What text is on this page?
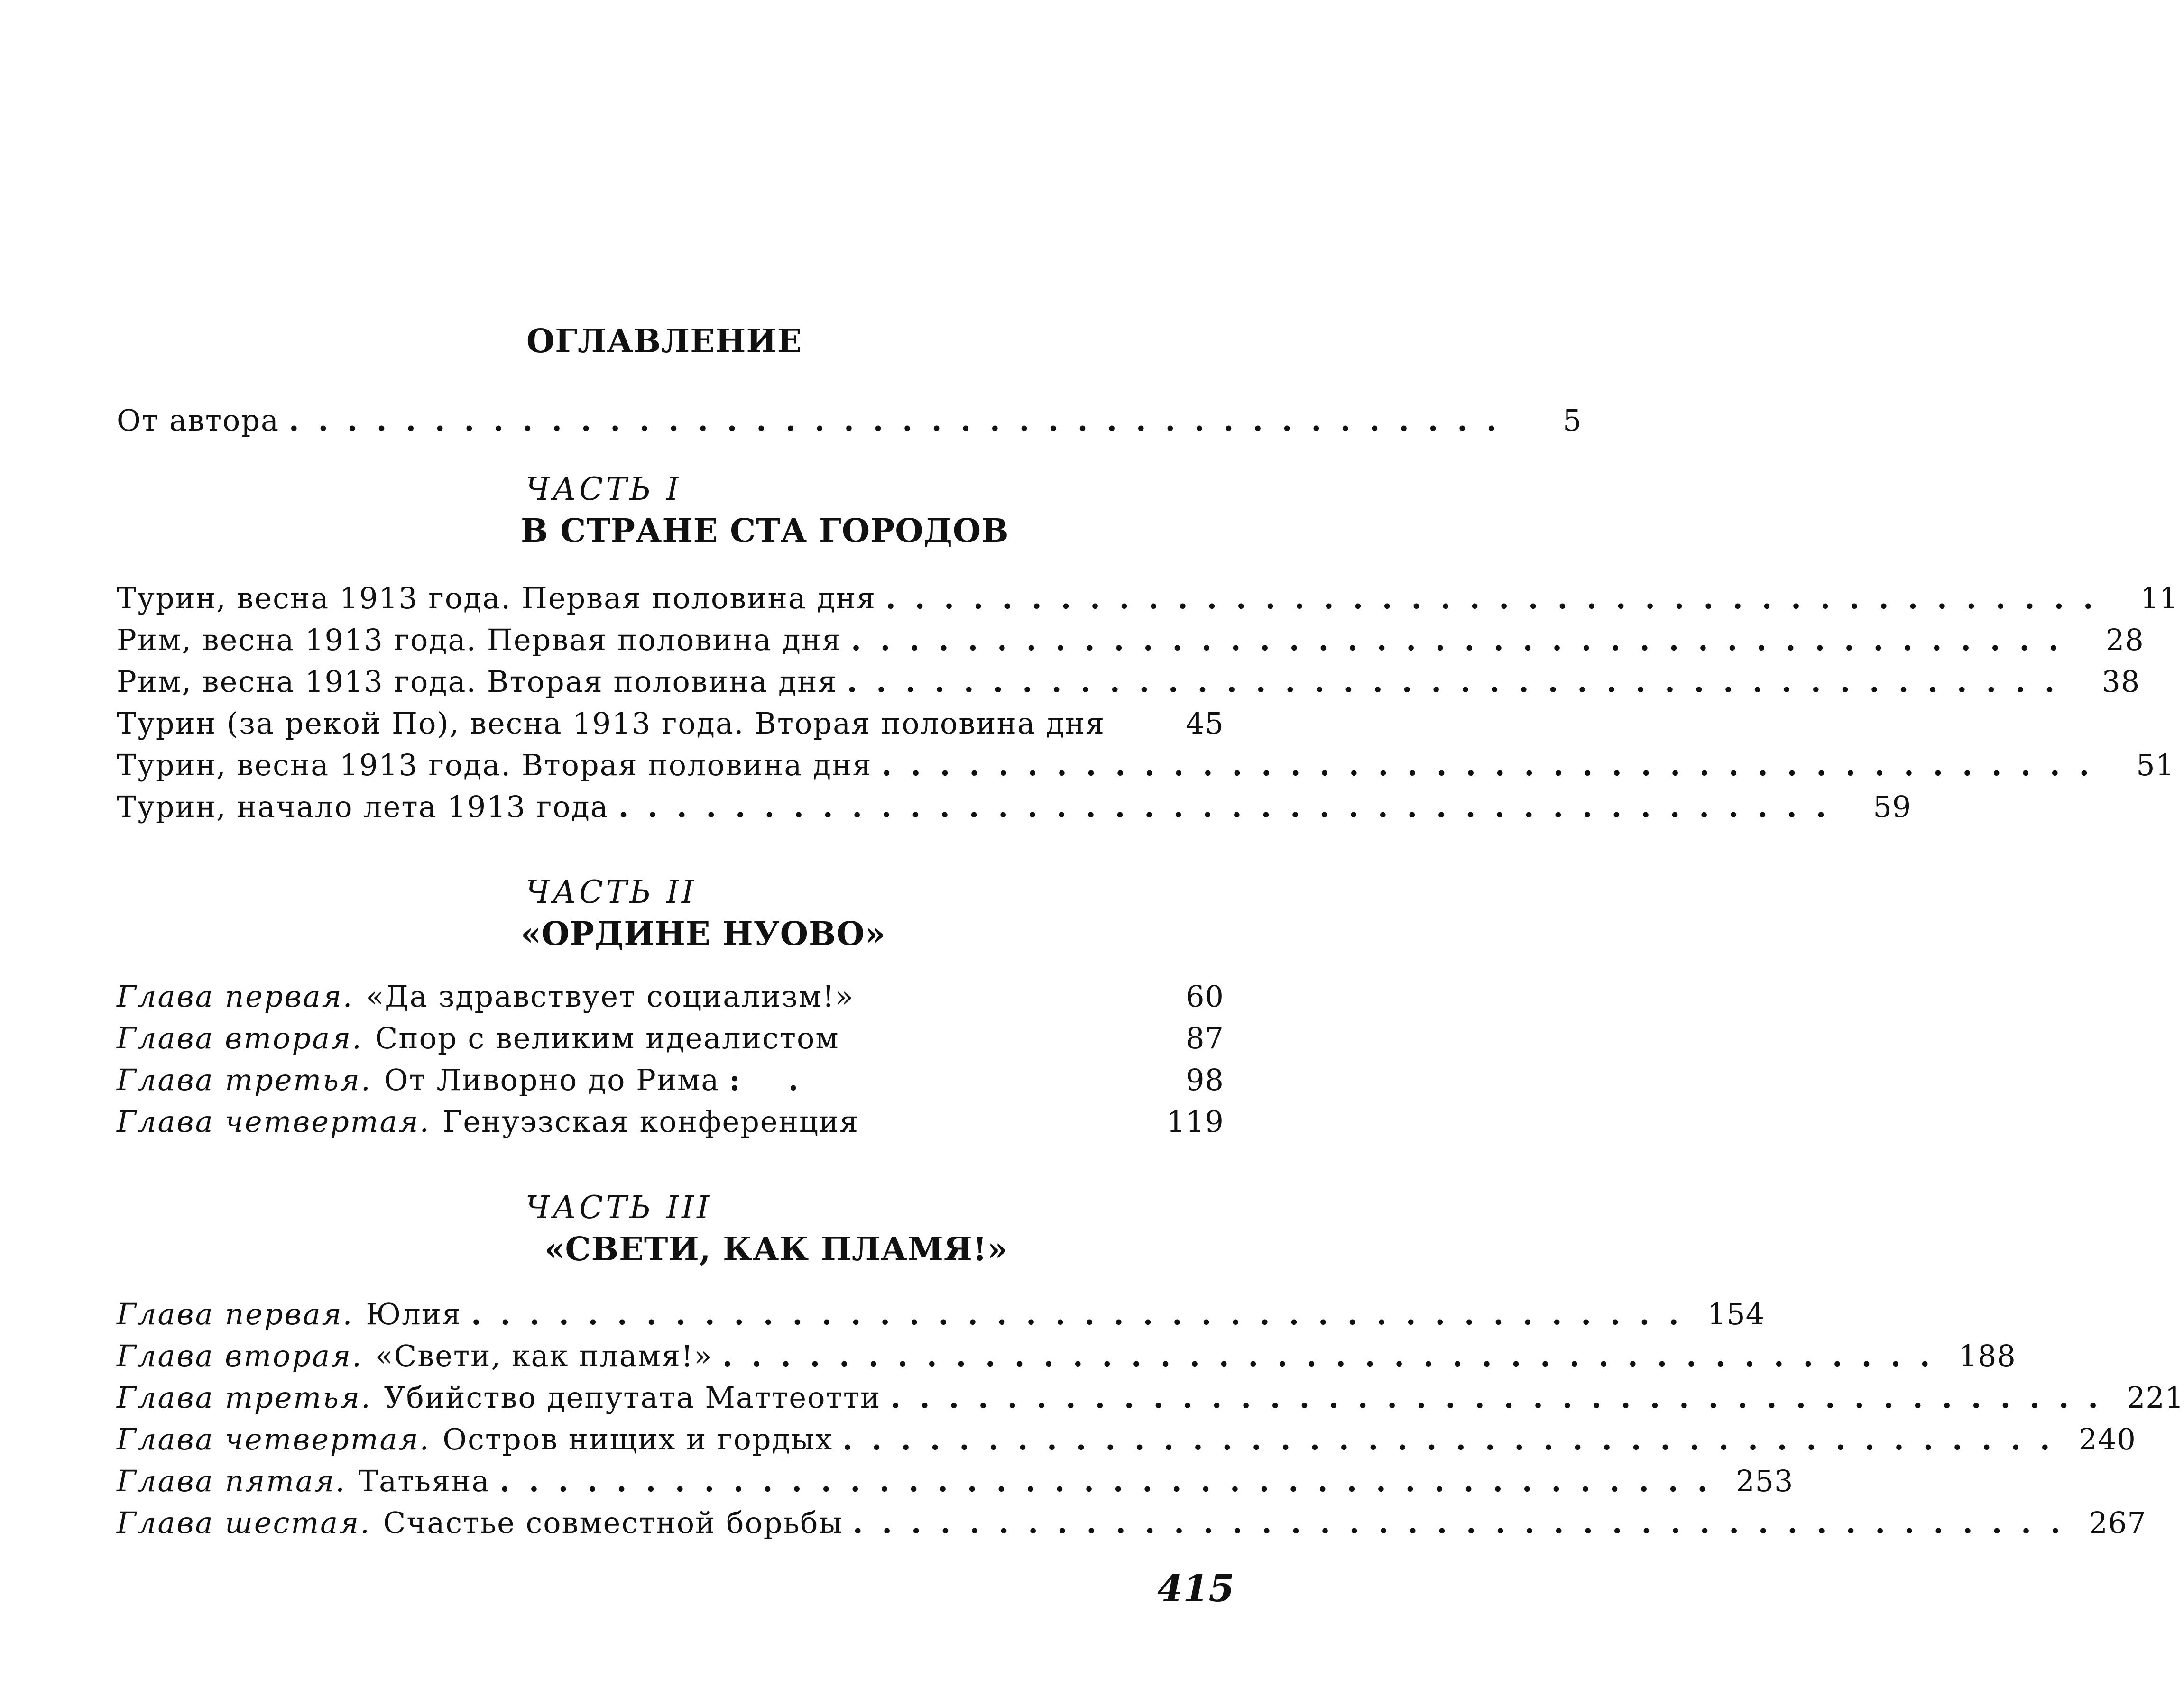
ОГЛАВЛЕНИЕ
От автора ..........................................	5
ЧАСТЬ I
В СТРАНЕ СТА ГОРОДОВ
Турин, весна 1913 года. Первая половина дня .......................................... 11
Рим, весна 1913 года. Первая половина дня .......................................... 28
Рим, весна 1913 года. Вторая половина дня .......................................... 38
Турин (за рекой По), весна 1913 года. Вторая половина дня	45
Турин, весна 1913 года. Вторая половина дня .......................................... 51
Турин, начало лета 1913 года .......................................... 59
ЧАСТЬ II
«ОРДИНЕ НУОВО»
Глава первая. «Да здравствует социализм!»	60
Глава вторая. Спор с великим идеалистом	87
Глава третья. От Ливорно до Рима : .	98
Глава четвертая. Генуэзская конференция	119
ЧАСТЬ III
«СВЕТИ, КАК ПЛАМЯ!»
Глава первая. Юлия .......................................... 154
Глава вторая. «Свети, как пламя!» .......................................... 188
Глава третья. Убийство депутата Маттеотти .......................................... 221
Глава четвертая. Остров нищих и гордых .......................................... 240
Глава пятая. Татьяна .......................................... 253
Глава шестая. Счастье совместной борьбы .......................................... 267
415
